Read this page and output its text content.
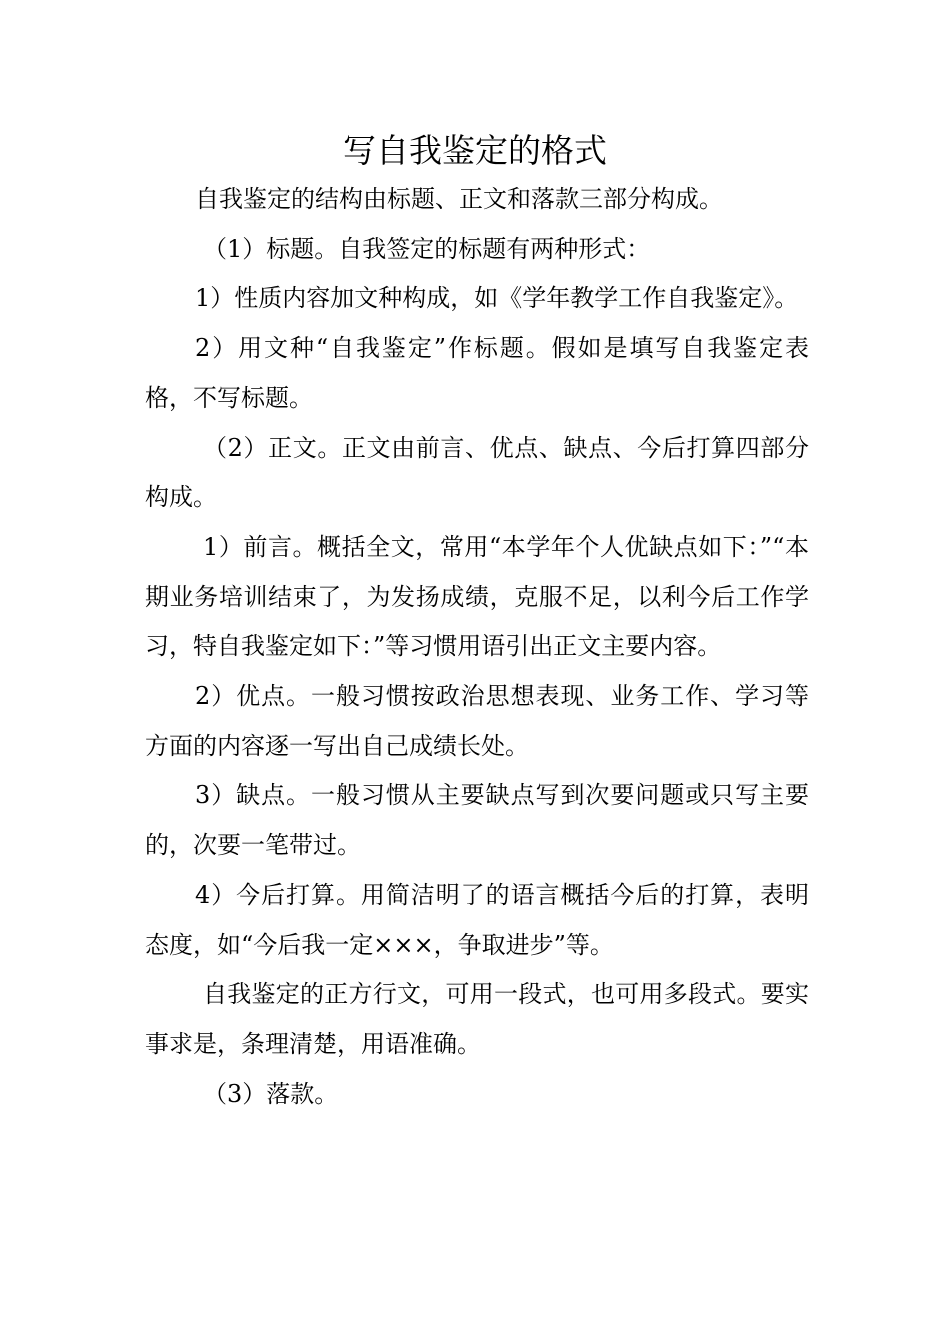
写自我鉴定的格式

自我鉴定的结构由标题、正文和落款三部分构成。

（1）标题。自我签定的标题有两种形式：

1）性质内容加文种构成，如《学年教学工作自我鉴定》。

2）用文种“自我鉴定”作标题。假如是填写自我鉴定表格，不写标题。

（2）正文。正文由前言、优点、缺点、今后打算四部分构成。

1）前言。概括全文，常用“本学年个人优缺点如下：”“本期业务培训结束了，为发扬成绩，克服不足，以利今后工作学习，特自我鉴定如下：”等习惯用语引出正文主要内容。

2）优点。一般习惯按政治思想表现、业务工作、学习等方面的内容逐一写出自己成绩长处。

3）缺点。一般习惯从主要缺点写到次要问题或只写主要的，次要一笔带过。

4）今后打算。用简洁明了的语言概括今后的打算，表明态度，如“今后我一定×××，争取进步”等。

自我鉴定的正方行文，可用一段式，也可用多段式。要实事求是，条理清楚，用语准确。

（3）落款。
